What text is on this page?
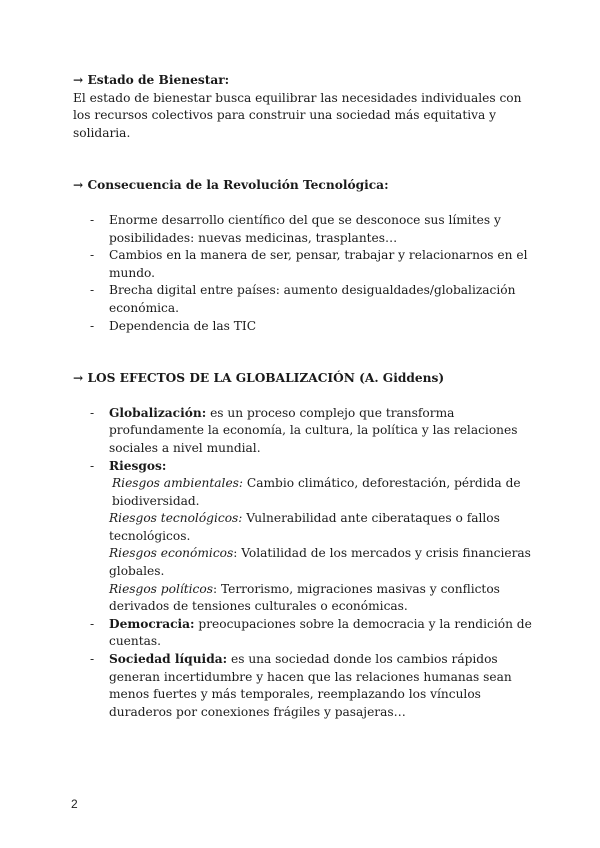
→ Estado de Bienestar:

El estado de bienestar busca equilibrar las necesidades individuales con los recursos colectivos para construir una sociedad más equitativa y solidaria.

→ Consecuencia de la Revolución Tecnológica:

- Enorme desarrollo científico del que se desconoce sus límites y posibilidades: nuevas medicinas, trasplantes…
- Cambios en la manera de ser, pensar, trabajar y relacionarnos en el mundo.
- Brecha digital entre países: aumento desigualdades/globalización económica.
- Dependencia de las TIC

→ LOS EFECTOS DE LA GLOBALIZACIÓN (A. Giddens)

- Globalización: es un proceso complejo que transforma profundamente la economía, la cultura, la política y las relaciones sociales a nivel mundial.
- Riesgos:
Riesgos ambientales: Cambio climático, deforestación, pérdida de biodiversidad.
Riesgos tecnológicos: Vulnerabilidad ante ciberataques o fallos tecnológicos.
Riesgos económicos: Volatilidad de los mercados y crisis financieras globales.
Riesgos políticos: Terrorismo, migraciones masivas y conflictos derivados de tensiones culturales o económicas.
- Democracia: preocupaciones sobre la democracia y la rendición de cuentas.
- Sociedad líquida: es una sociedad donde los cambios rápidos generan incertidumbre y hacen que las relaciones humanas sean menos fuertes y más temporales, reemplazando los vínculos duraderos por conexiones frágiles y pasajeras…
2
